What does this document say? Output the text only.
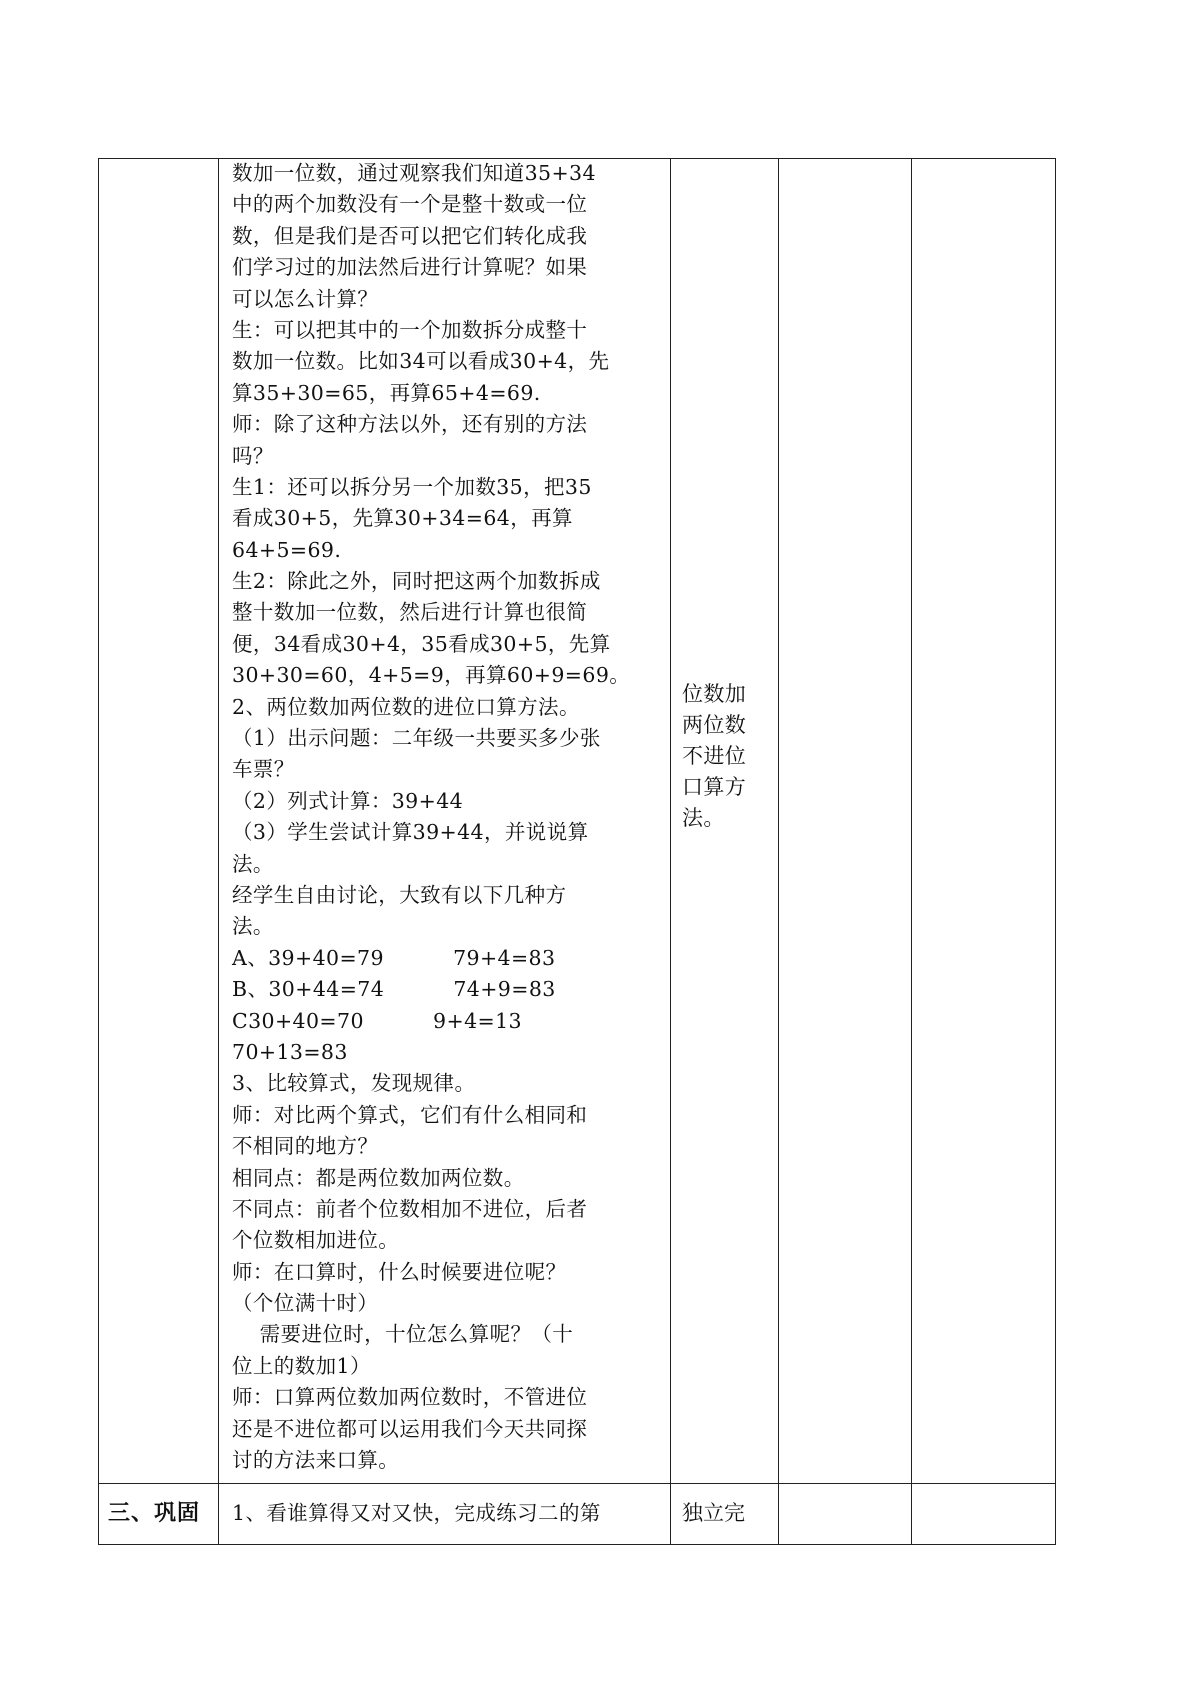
数加一位数，通过观察我们知道35+34
中的两个加数没有一个是整十数或一位
数，但是我们是否可以把它们转化成我
们学习过的加法然后进行计算呢？如果
可以怎么计算？
生：可以把其中的一个加数拆分成整十
数加一位数。比如34可以看成30+4，先
算35+30=65，再算65+4=69.
师：除了这种方法以外，还有别的方法
吗？
生1：还可以拆分另一个加数35，把35
看成30+5，先算30+34=64，再算
64+5=69.
生2：除此之外，同时把这两个加数拆成
整十数加一位数，然后进行计算也很简
便，34看成30+4，35看成30+5，先算
30+30=60，4+5=9，再算60+9=69。
2、两位数加两位数的进位口算方法。
（1）出示问题：二年级一共要买多少张
车票？
（2）列式计算：39+44
（3）学生尝试计算39+44，并说说算
法。
经学生自由讨论，大致有以下几种方
法。
A、39+40=79          79+4=83
B、30+44=74          74+9=83
C30+40=70          9+4=13
70+13=83
3、比较算式，发现规律。
师：对比两个算式，它们有什么相同和
不相同的地方？
相同点：都是两位数加两位数。
不同点：前者个位数相加不进位，后者
个位数相加进位。
师：在口算时，什么时候要进位呢？
（个位满十时）
需要进位时，十位怎么算呢？（十
位上的数加1）
师：口算两位数加两位数时，不管进位
还是不进位都可以运用我们今天共同探
讨的方法来口算。
位数加
两位数
不进位
口算方
法。
三、巩固 1、看谁算得又对又快，完成练习二的第	独立完
